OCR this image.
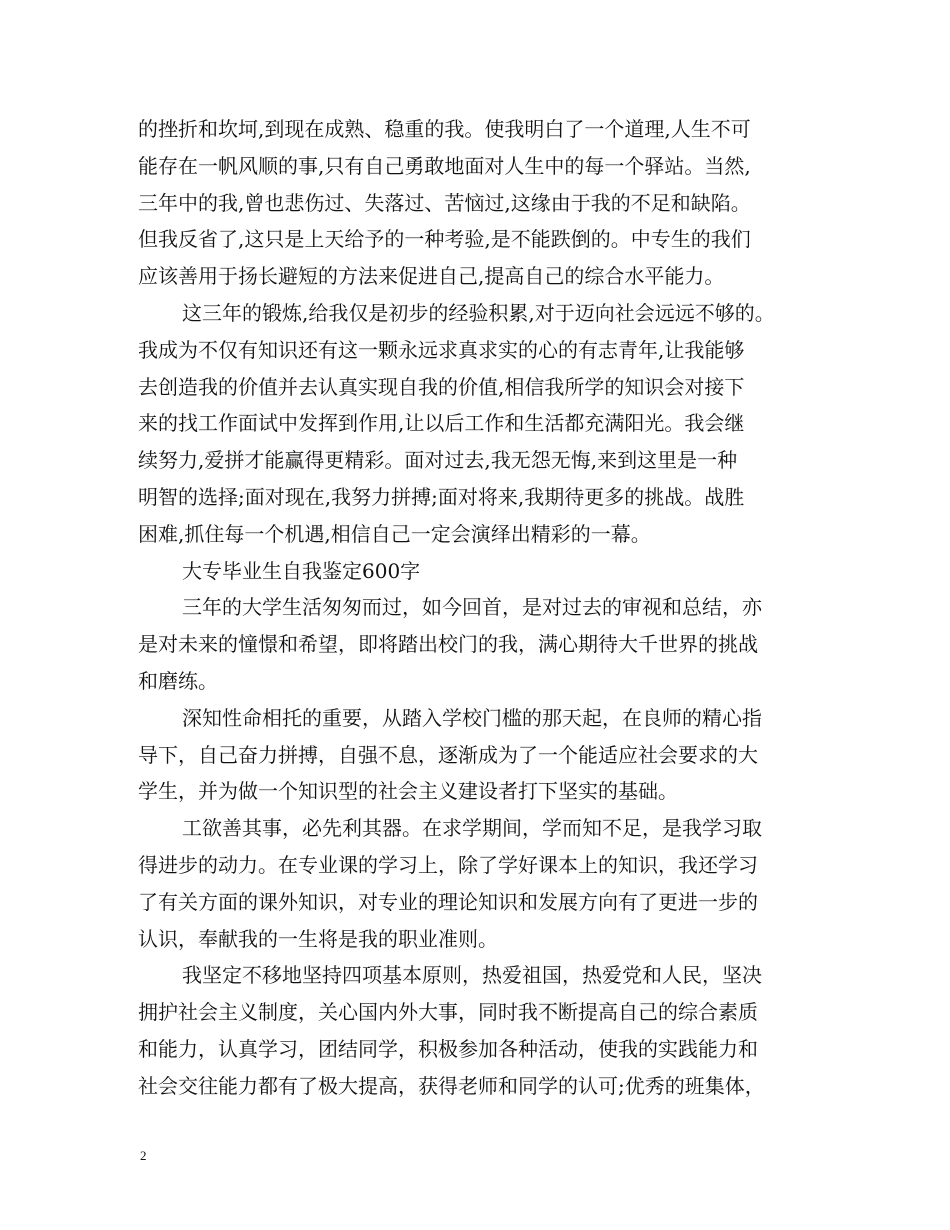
的挫折和坎坷,到现在成熟、稳重的我。使我明白了一个道理,人生不可
能存在一帆风顺的事,只有自己勇敢地面对人生中的每一个驿站。当然,
三年中的我,曾也悲伤过、失落过、苦恼过,这缘由于我的不足和缺陷。
但我反省了,这只是上天给予的一种考验,是不能跌倒的。中专生的我们
应该善用于扬长避短的方法来促进自己,提高自己的综合水平能力。
这三年的锻炼,给我仅是初步的经验积累,对于迈向社会远远不够的。
我成为不仅有知识还有这一颗永远求真求实的心的有志青年,让我能够
去创造我的价值并去认真实现自我的价值,相信我所学的知识会对接下
来的找工作面试中发挥到作用,让以后工作和生活都充满阳光。我会继
续努力,爱拼才能赢得更精彩。面对过去,我无怨无悔,来到这里是一种
明智的选择;面对现在,我努力拼搏;面对将来,我期待更多的挑战。战胜
困难,抓住每一个机遇,相信自己一定会演绎出精彩的一幕。
大专毕业生自我鉴定600字
三年的大学生活匆匆而过，如今回首，是对过去的审视和总结，亦
是对未来的憧憬和希望，即将踏出校门的我，满心期待大千世界的挑战
和磨练。
深知性命相托的重要，从踏入学校门槛的那天起，在良师的精心指
导下，自己奋力拼搏，自强不息，逐渐成为了一个能适应社会要求的大
学生，并为做一个知识型的社会主义建设者打下坚实的基础。
工欲善其事，必先利其器。在求学期间，学而知不足，是我学习取
得进步的动力。在专业课的学习上，除了学好课本上的知识，我还学习
了有关方面的课外知识，对专业的理论知识和发展方向有了更进一步的
认识，奉献我的一生将是我的职业准则。
我坚定不移地坚持四项基本原则，热爱祖国，热爱党和人民，坚决
拥护社会主义制度，关心国内外大事，同时我不断提高自己的综合素质
和能力，认真学习，团结同学，积极参加各种活动，使我的实践能力和
社会交往能力都有了极大提高，获得老师和同学的认可;优秀的班集体，
2
